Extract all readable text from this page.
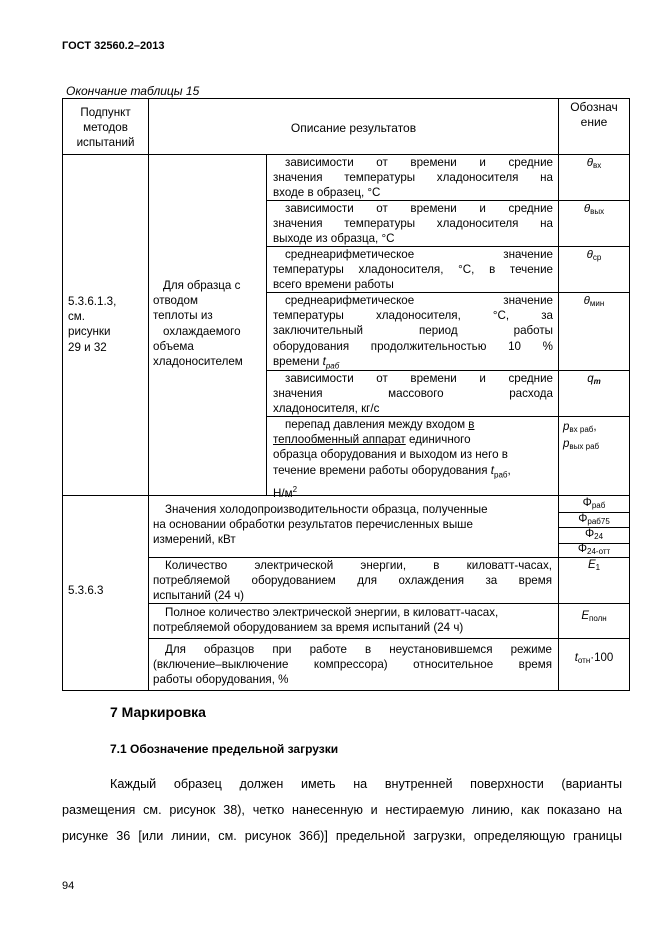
ГОСТ 32560.2–2013
Окончание таблицы 15
Подпункт
методов
испытаний
Описание результатов
Обознач
ение
5.3.6.1.3,
см.
рисунки
29 и 32
Для образца с
отводом
теплоты из
охлаждаемого
объема
хладоносителем
зависимости от времени и средние
значения температуры хладоносителя на
входе в образец, °С
$\theta_{вх}$
зависимости от времени и средние
значения температуры хладоносителя на
выходе из образца, °С
$\theta_{вых}$
среднеарифметическое значение
температуры хладоносителя, °С, в течение
всего времени работы
$\theta_{ср}$
среднеарифметическое значение
температуры хладоносителя, °С, за
заключительный период работы
оборудования продолжительностью 10 %
времени $t_{раб}$
$\theta_{мин}$
зависимости от времени и средние
значения массового расхода
хладоносителя, кг/с
$q_m$
перепад давления между входом в
теплообменный аппарат единичного
образца оборудования и выходом из него в
течение времени работы оборудования $t_{раб}$,
$Н/м^2$
$p_{вх раб}$,
$p_{вых раб}$
5.3.6.3
Значения холодопроизводительности образца, полученные
на основании обработки результатов перечисленных выше
измерений, кВт
$\Phi_{раб}$
$\Phi_{раб75}$
$\Phi_{24}$
$\Phi_{24-отт}$
Количество электрической энергии, в киловатт-часах,
потребляемой оборудованием для охлаждения за время
испытаний (24 ч)
$E_1$
Полное количество электрической энергии, в киловатт-часах,
потребляемой оборудованием за время испытаний (24 ч)
$E_{полн}$
Для образцов при работе в неустановившемся режиме
(включение–выключение компрессора) относительное время
работы оборудования, %
$t_{отн}\cdot 100$
7 Маркировка
7.1 Обозначение предельной загрузки
Каждый образец должен иметь на внутренней поверхности (варианты
размещения см. рисунок 38), четко нанесенную и нестираемую линию, как показано на
рисунке 36 [или линии, см. рисунок 36б)] предельной загрузки, определяющую границы
94
